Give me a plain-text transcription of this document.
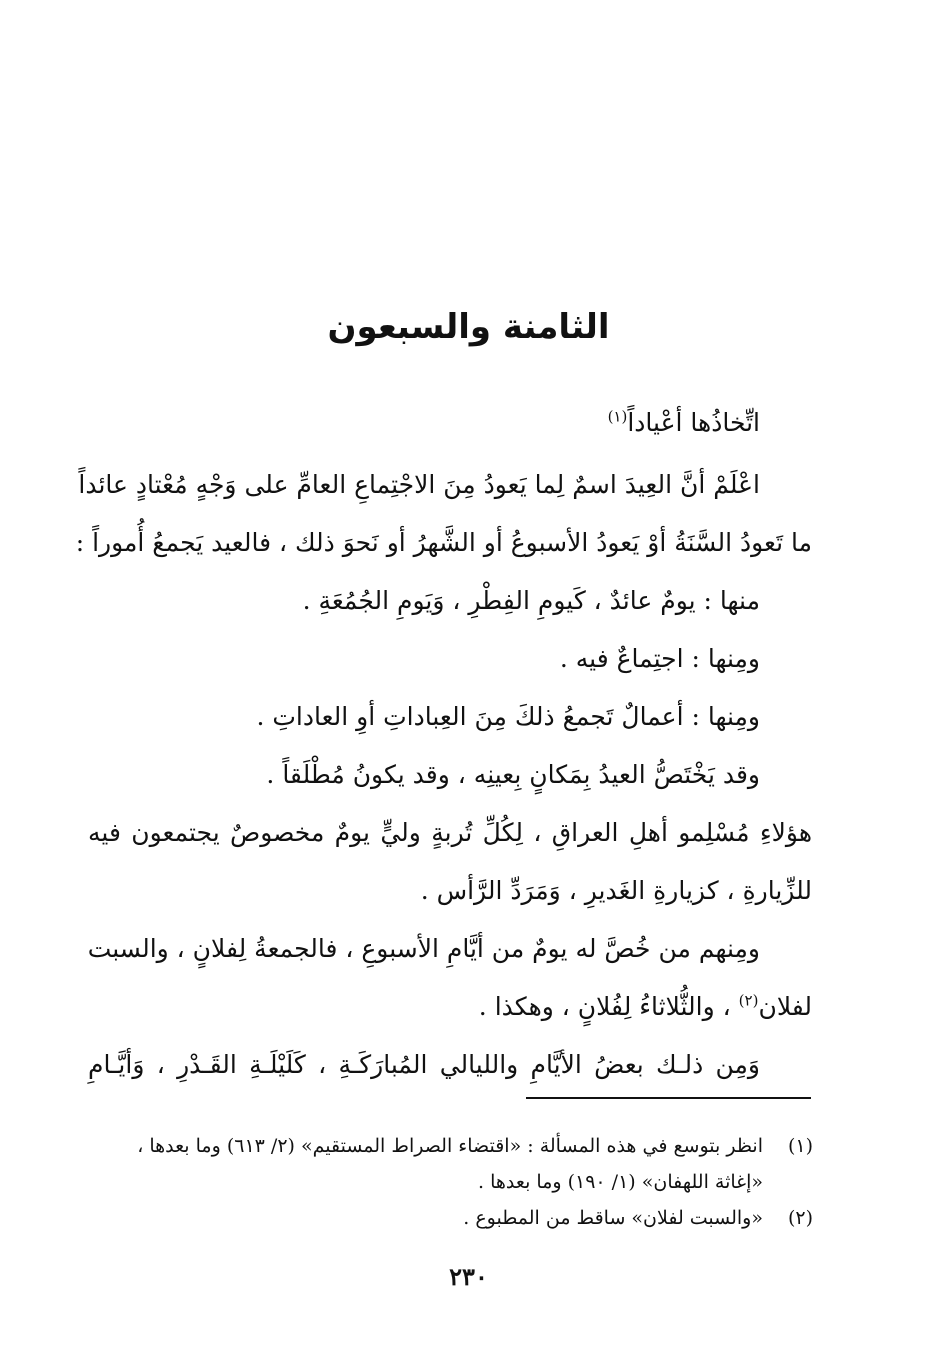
الثامنة والسبعون
اتِّخاذُها أعْياداً$^{(١)}$
اعْلَمْ أنَّ العِيدَ اسمٌ لِما يَعودُ مِنَ الاجْتِماعِ العامِّ على وَجْهٍ مُعْتادٍ عائداً
ما تَعودُ السَّنَةُ أوْ يَعودُ الأسبوعُ أو الشَّهرُ أو نَحوَ ذلك ، فالعيد يَجمعُ أُموراً :
منها : يومٌ عائدٌ ، كَيومِ الفِطْرِ ، وَيَومِ الجُمُعَةِ .
ومِنها : اجتِماعٌ فيه .
ومِنها : أعمالٌ تَجمعُ ذلكَ مِنَ العِباداتِ أوِ العاداتِ .
وقد يَخْتَصُّ العيدُ بِمَكانٍ بِعينِه ، وقد يكونُ مُطْلَقاً .
هؤلاءِ مُسْلِمو أهلِ العراقِ ، لِكُلِّ تُربةٍ وليٍّ يومٌ مخصوصٌ يجتمعون فيه
للزِّيارةِ ، كزيارةِ الغَديرِ ، وَمَرَدِّ الرَّأس .
ومِنهم من خُصَّ له يومٌ من أيَّامِ الأسبوعِ ، فالجمعةُ لِفلانٍ ، والسبت
لفلان$^{(٢)}$ ، والثُّلاثاءُ لِفُلانٍ ، وهكذا .
وَمِن ذلـك بعضُ الأيَّامِ والليالي المُبارَكَـةِ ، كَلَيْلَـةِ القَـدْرِ ، وَأيَّـامِ
(١)
انظر بتوسع في هذه المسألة : «اقتضاء الصراط المستقيم» (٢/ ٦١٣) وما بعدها ،
«إغاثة اللهفان» (١/ ١٩٠) وما بعدها .
(٢)
«والسبت لفلان» ساقط من المطبوع .
٢٣٠
